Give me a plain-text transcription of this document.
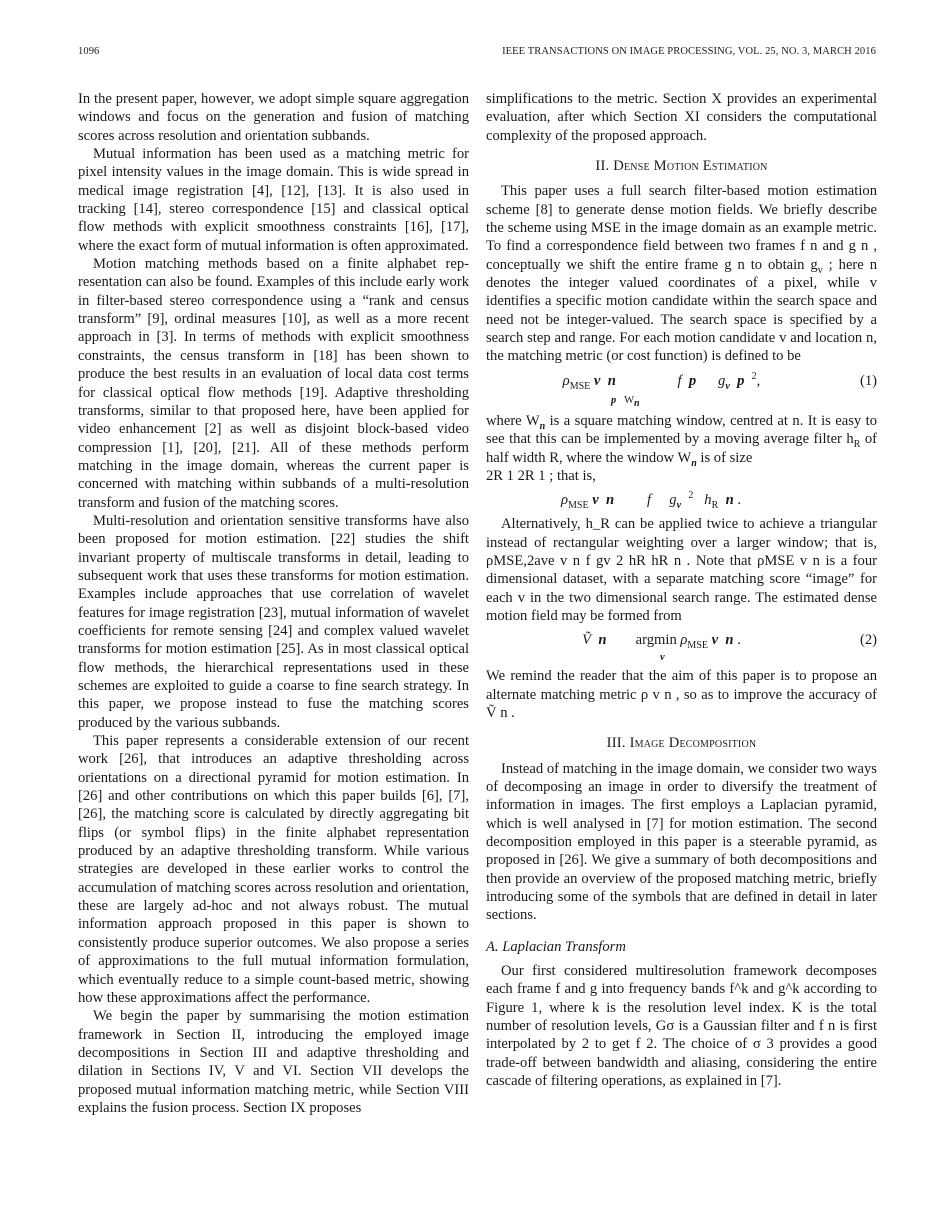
1096	IEEE TRANSACTIONS ON IMAGE PROCESSING, VOL. 25, NO. 3, MARCH 2016

In the present paper, however, we adopt simple square aggregation windows and focus on the generation and fusion of matching scores across resolution and orientation subbands.

Mutual information has been used as a matching metric for pixel intensity values in the image domain. This is wide spread in medical image registration [4], [12], [13]. It is also used in tracking [14], stereo correspondence [15] and classical optical flow methods with explicit smoothness constraints [16], [17], where the exact form of mutual information is often approximated.

Motion matching methods based on a finite alphabet representation can also be found. Examples of this include early work in filter-based stereo correspondence using a “rank and census transform” [9], ordinal measures [10], as well as a more recent approach in [3]. In terms of methods with explicit smoothness constraints, the census transform in [18] has been shown to produce the best results in an evaluation of local data cost terms for classical optical flow methods [19]. Adaptive thresholding transforms, similar to that proposed here, have been applied for video enhancement [2] as well as disjoint block-based video compression [1], [20], [21]. All of these methods perform matching in the image domain, whereas the current paper is concerned with matching within subbands of a multi-resolution transform and fusion of the matching scores.

Multi-resolution and orientation sensitive transforms have also been proposed for motion estimation. [22] studies the shift invariant property of multiscale transforms in detail, leading to subsequent work that uses these transforms for motion estimation. Examples include approaches that use correlation of wavelet features for image registration [23], mutual information of wavelet coefficients for remote sensing [24] and complex valued wavelet transforms for motion estimation [25]. As in most classical optical flow methods, the hierarchical representations used in these schemes are exploited to guide a coarse to fine search strategy. In this paper, we propose instead to fuse the matching scores produced by the various subbands.

This paper represents a considerable extension of our recent work [26], that introduces an adaptive thresholding across orientations on a directional pyramid for motion estimation. In [26] and other contributions on which this paper builds [6], [7], [26], the matching score is calculated by directly aggregating bit flips (or symbol flips) in the finite alphabet representation produced by an adaptive thresholding transform. While various strategies are developed in these earlier works to control the accumulation of matching scores across resolution and orientation, these are largely ad-hoc and not always robust. The mutual information approach proposed in this paper is shown to consistently produce superior outcomes. We also propose a series of approximations to the full mutual information formulation, which eventually reduce to a simple count-based metric, showing how these approximations affect the performance.

We begin the paper by summarising the motion estimation framework in Section II, introducing the employed image decompositions in Section III and adaptive thresholding and dilation in Sections IV, V and VI. Section VII develops the proposed mutual information matching metric, while Section VIII explains the fusion process. Section IX proposes

simplifications to the metric. Section X provides an experimental evaluation, after which Section XI considers the computational complexity of the proposed approach.

II. Dense Motion Estimation

This paper uses a full search filter-based motion estimation scheme [8] to generate dense motion fields. We briefly describe the scheme using MSE in the image domain as an example metric. To find a correspondence field between two frames f n and g n , conceptually we shift the entire frame g n to obtain $g_v$ ; here n denotes the integer valued coordinates of a pixel, while v identifies a specific motion candidate within the search space and need not be integer-valued. The search space is specified by a search step and range. For each motion candidate v and location n, the matching metric (or cost function) is defined to be

$\rho_{MSE}$ v n	f p $g_v$ p $^2$,
p   $W_n$
(1)

where $W_n$ is a square matching window, centred at n. It is easy to see that this can be implemented by a moving average filter $h_R$ of half width R, where the window $W_n$ is of size
2R 1 2R 1 ; that is,

$\rho_{MSE}$ v n f $g_v$  $^2$ $h_R$ n .

Alternatively, h_R can be applied twice to achieve a triangular instead of rectangular weighting over a larger window; that is, ρMSE,2ave v n f gv 2 hR hR n . Note that ρMSE v n is a four dimensional dataset, with a separate matching score “image” for each v in the two dimensional search range. The estimated dense motion field may be formed from

Ṽ n        argmin $\rho_{MSE}$ v n .
v
(2)

We remind the reader that the aim of this paper is to propose an alternate matching metric ρ v n , so as to improve the accuracy of Ṽ n .

III. Image Decomposition

Instead of matching in the image domain, we consider two ways of decomposing an image in order to diversify the treatment of information in images. The first employs a Laplacian pyramid, which is well analysed in [7] for motion estimation. The second decomposition employed in this paper is a steerable pyramid, as proposed in [26]. We give a summary of both decompositions and then provide an overview of the proposed matching metric, briefly introducing some of the symbols that are defined in detail in later sections.

A. Laplacian Transform

Our first considered multiresolution framework decomposes each frame f and g into frequency bands f^k and g^k according to Figure 1, where k is the resolution level index. K is the total number of resolution levels, Gσ is a Gaussian filter and f n is first interpolated by 2 to get f 2. The choice of σ 3 provides a good trade-off between bandwidth and aliasing, considering the entire cascade of filtering operations, as explained in [7].
